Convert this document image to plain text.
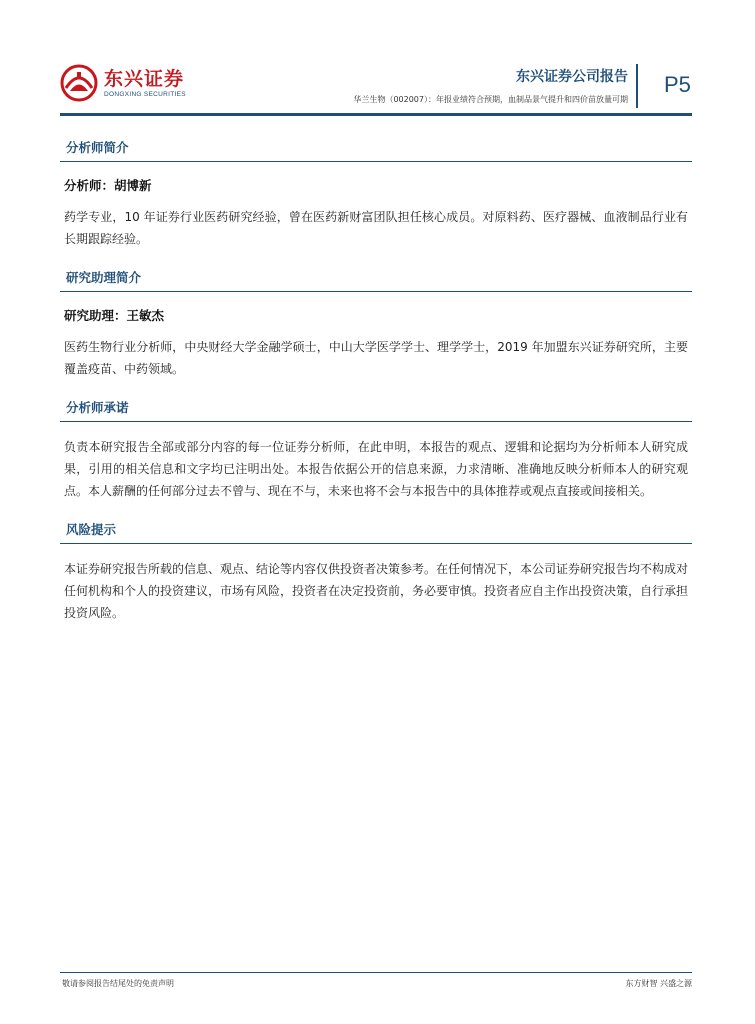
东兴证券
DONGXING SECURITIES
东兴证券公司报告
华兰生物（002007）：年报业绩符合预期，血制品景气提升和四价苗放量可期
P5
分析师简介
分析师：胡博新
药学专业，10 年证券行业医药研究经验，曾在医药新财富团队担任核心成员。对原料药、医疗器械、血液制品行业有长期跟踪经验。
研究助理简介
研究助理：王敏杰
医药生物行业分析师，中央财经大学金融学硕士，中山大学医学学士、理学学士，2019 年加盟东兴证券研究所，主要覆盖疫苗、中药领域。
分析师承诺
负责本研究报告全部或部分内容的每一位证券分析师，在此申明，本报告的观点、逻辑和论据均为分析师本人研究成果，引用的相关信息和文字均已注明出处。本报告依据公开的信息来源，力求清晰、准确地反映分析师本人的研究观点。本人薪酬的任何部分过去不曾与、现在不与，未来也将不会与本报告中的具体推荐或观点直接或间接相关。
风险提示
本证券研究报告所载的信息、观点、结论等内容仅供投资者决策参考。在任何情况下，本公司证券研究报告均不构成对任何机构和个人的投资建议，市场有风险，投资者在决定投资前，务必要审慎。投资者应自主作出投资决策，自行承担投资风险。
敬请参阅报告结尾处的免责声明	东方财智 兴盛之源
